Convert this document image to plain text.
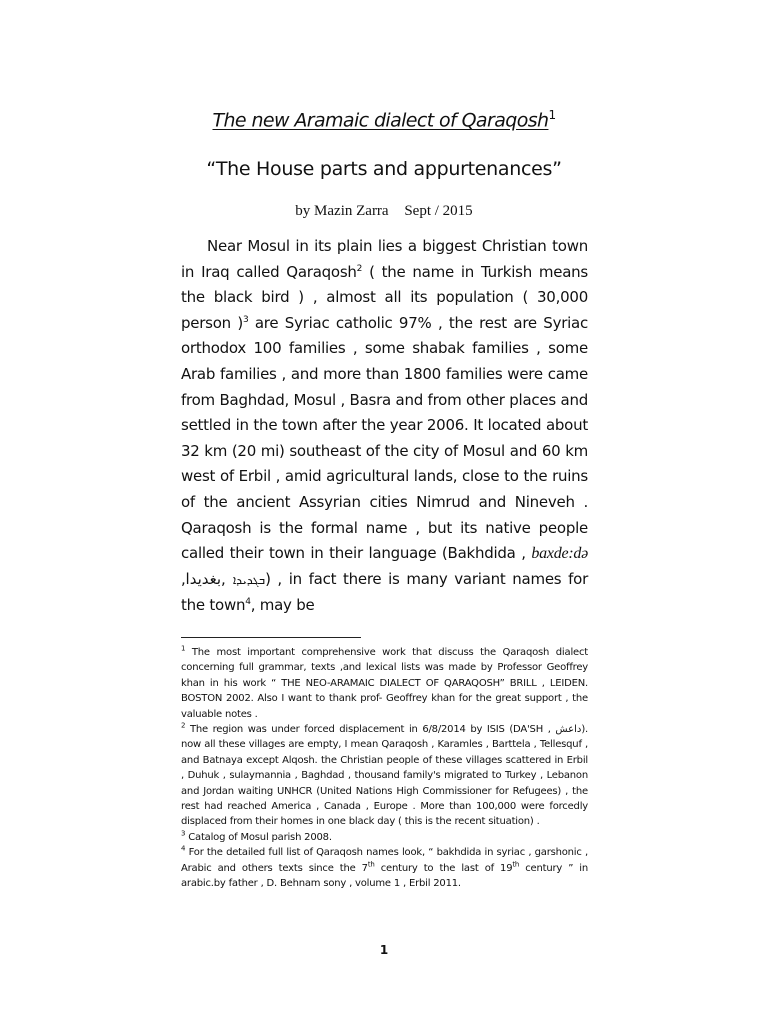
The new Aramaic dialect of Qaraqosh$^1$
“The House parts and appurtenances”
by Mazin Zarra Sept / 2015

Near Mosul in its plain lies a biggest Christian town in Iraq called Qaraqosh$^2$ ( the name in Turkish means the black bird ) , almost all its population ( 30,000 person )$^3$ are Syriac catholic 97% , the rest are Syriac orthodox 100 families , some shabak families , some Arab families , and more than 1800 families were came from Baghdad, Mosul , Basra and from other places and settled in the town after the year 2006. It located about 32 km (20 mi) southeast of the city of Mosul and 60 km west of Erbil , amid agricultural lands, close to the ruins of the ancient Assyrian cities Nimrud and Nineveh . Qaraqosh is the formal name , but its native people called their town in their language (Bakhdida , baxde:də ,بغديدا, ܒܓܕܝܕܐ) , in fact there is many variant names for the town$^4$, may be

$^1$ The most important comprehensive work that discuss the Qaraqosh dialect concerning full grammar, texts ,and lexical lists was made by Professor Geoffrey khan in his work “ THE NEO-ARAMAIC DIALECT OF QARAQOSH” BRILL , LEIDEN. BOSTON 2002. Also I want to thank prof- Geoffrey khan for the great support , the valuable notes .

$^2$ The region was under forced displacement in 6/8/2014 by ISIS (DA'SH , داعش). now all these villages are empty, I mean Qaraqosh , Karamles , Barttela , Tellesquf , and Batnaya except Alqosh. the Christian people of these villages scattered in Erbil , Duhuk , sulaymannia , Baghdad , thousand family's migrated to Turkey , Lebanon and Jordan waiting UNHCR (United Nations High Commissioner for Refugees) , the rest had reached America , Canada , Europe . More than 100,000 were forcedly displaced from their homes in one black day ( this is the recent situation) .

$^3$ Catalog of Mosul parish 2008.

$^4$ For the detailed full list of Qaraqosh names look, “ bakhdida in syriac , garshonic , Arabic and others texts since the 7th century to the last of 19th century ” in arabic.by father , D. Behnam sony , volume 1 , Erbil 2011.

1
